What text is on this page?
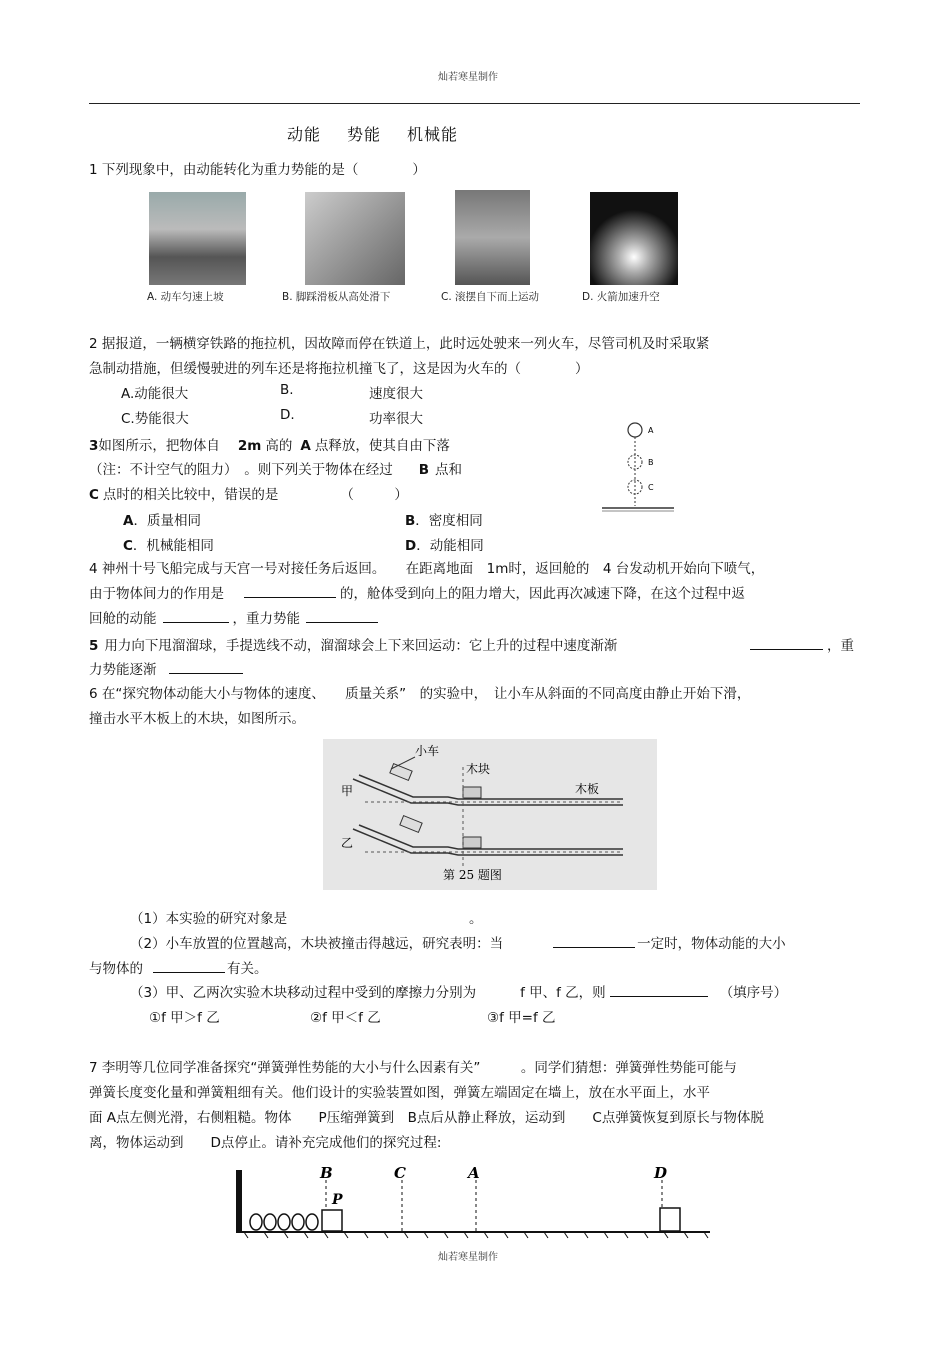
灿若寒星制作
动能 势能 机械能
1 下列现象中，由动能转化为重力势能的是（　　　　）
A. 动车匀速上坡	B. 脚踩滑板从高处滑下	C. 滚摆自下而上运动	D. 火箭加速升空
2 据报道，一辆横穿铁路的拖拉机，因故障而停在铁道上，此时远处驶来一列火车，尽管司机及时采取紧
急制动措施，但缓慢驶进的列车还是将拖拉机撞飞了，这是因为火车的（　　　　）
A.动能很大	B.	速度很大
C.势能很大	D.	功率很大
3如图所示，把物体自 2m 高的 A 点释放，使其自由下落
（注：不计空气的阻力）　。则下列关于物体在经过 B 点和
C 点时的相关比较中，错误的是	（　　　）
A．质量相同	B．密度相同
C．机械能相同	D．动能相同
A
B
C
4 神州十号飞船完成与天宫一号对接任务后返回。　　在距离地面　1m时，返回舱的　4 台发动机开始向下喷气，
由于物体间力的作用是	的，舱体受到向上的阻力增大，因此再次减速下降，在这个过程中返
回舱的动能	，重力势能
5 用力向下甩溜溜球，手提选线不动，溜溜球会上下来回运动：它上升的过程中速度渐渐	，重
力势能逐渐
6 在“探究物体动能大小与物体的速度、　　质量关系”　的实验中，　让小车从斜面的不同高度由静止开始下滑，
撞击水平木板上的木块，如图所示。
小车
木块
木板
甲
乙
第 25 题图
（1）本实验的研究对象是	。
（2）小车放置的位置越高，木块被撞击得越远，研究表明：当	一定时，物体动能的大小
与物体的	有关。
（3）甲、乙两次实验木块移动过程中受到的摩擦力分别为	f 甲、f 乙，则	（填序号）
①f 甲＞f 乙	②f 甲＜f 乙	③f 甲=f 乙
7 李明等几位同学准备探究“弹簧弹性势能的大小与什么因素有关”　　　。同学们猜想：弹簧弹性势能可能与
弹簧长度变化量和弹簧粗细有关。他们设计的实验装置如图，弹簧左端固定在墙上，放在水平面上，水平
面 A点左侧光滑，右侧粗糙。物体　　P压缩弹簧到　B点后从静止释放，运动到　　C点弹簧恢复到原长与物体脱
离，物体运动到　　D点停止。请补充完成他们的探究过程:
B
P
C	A	D
灿若寒星制作
